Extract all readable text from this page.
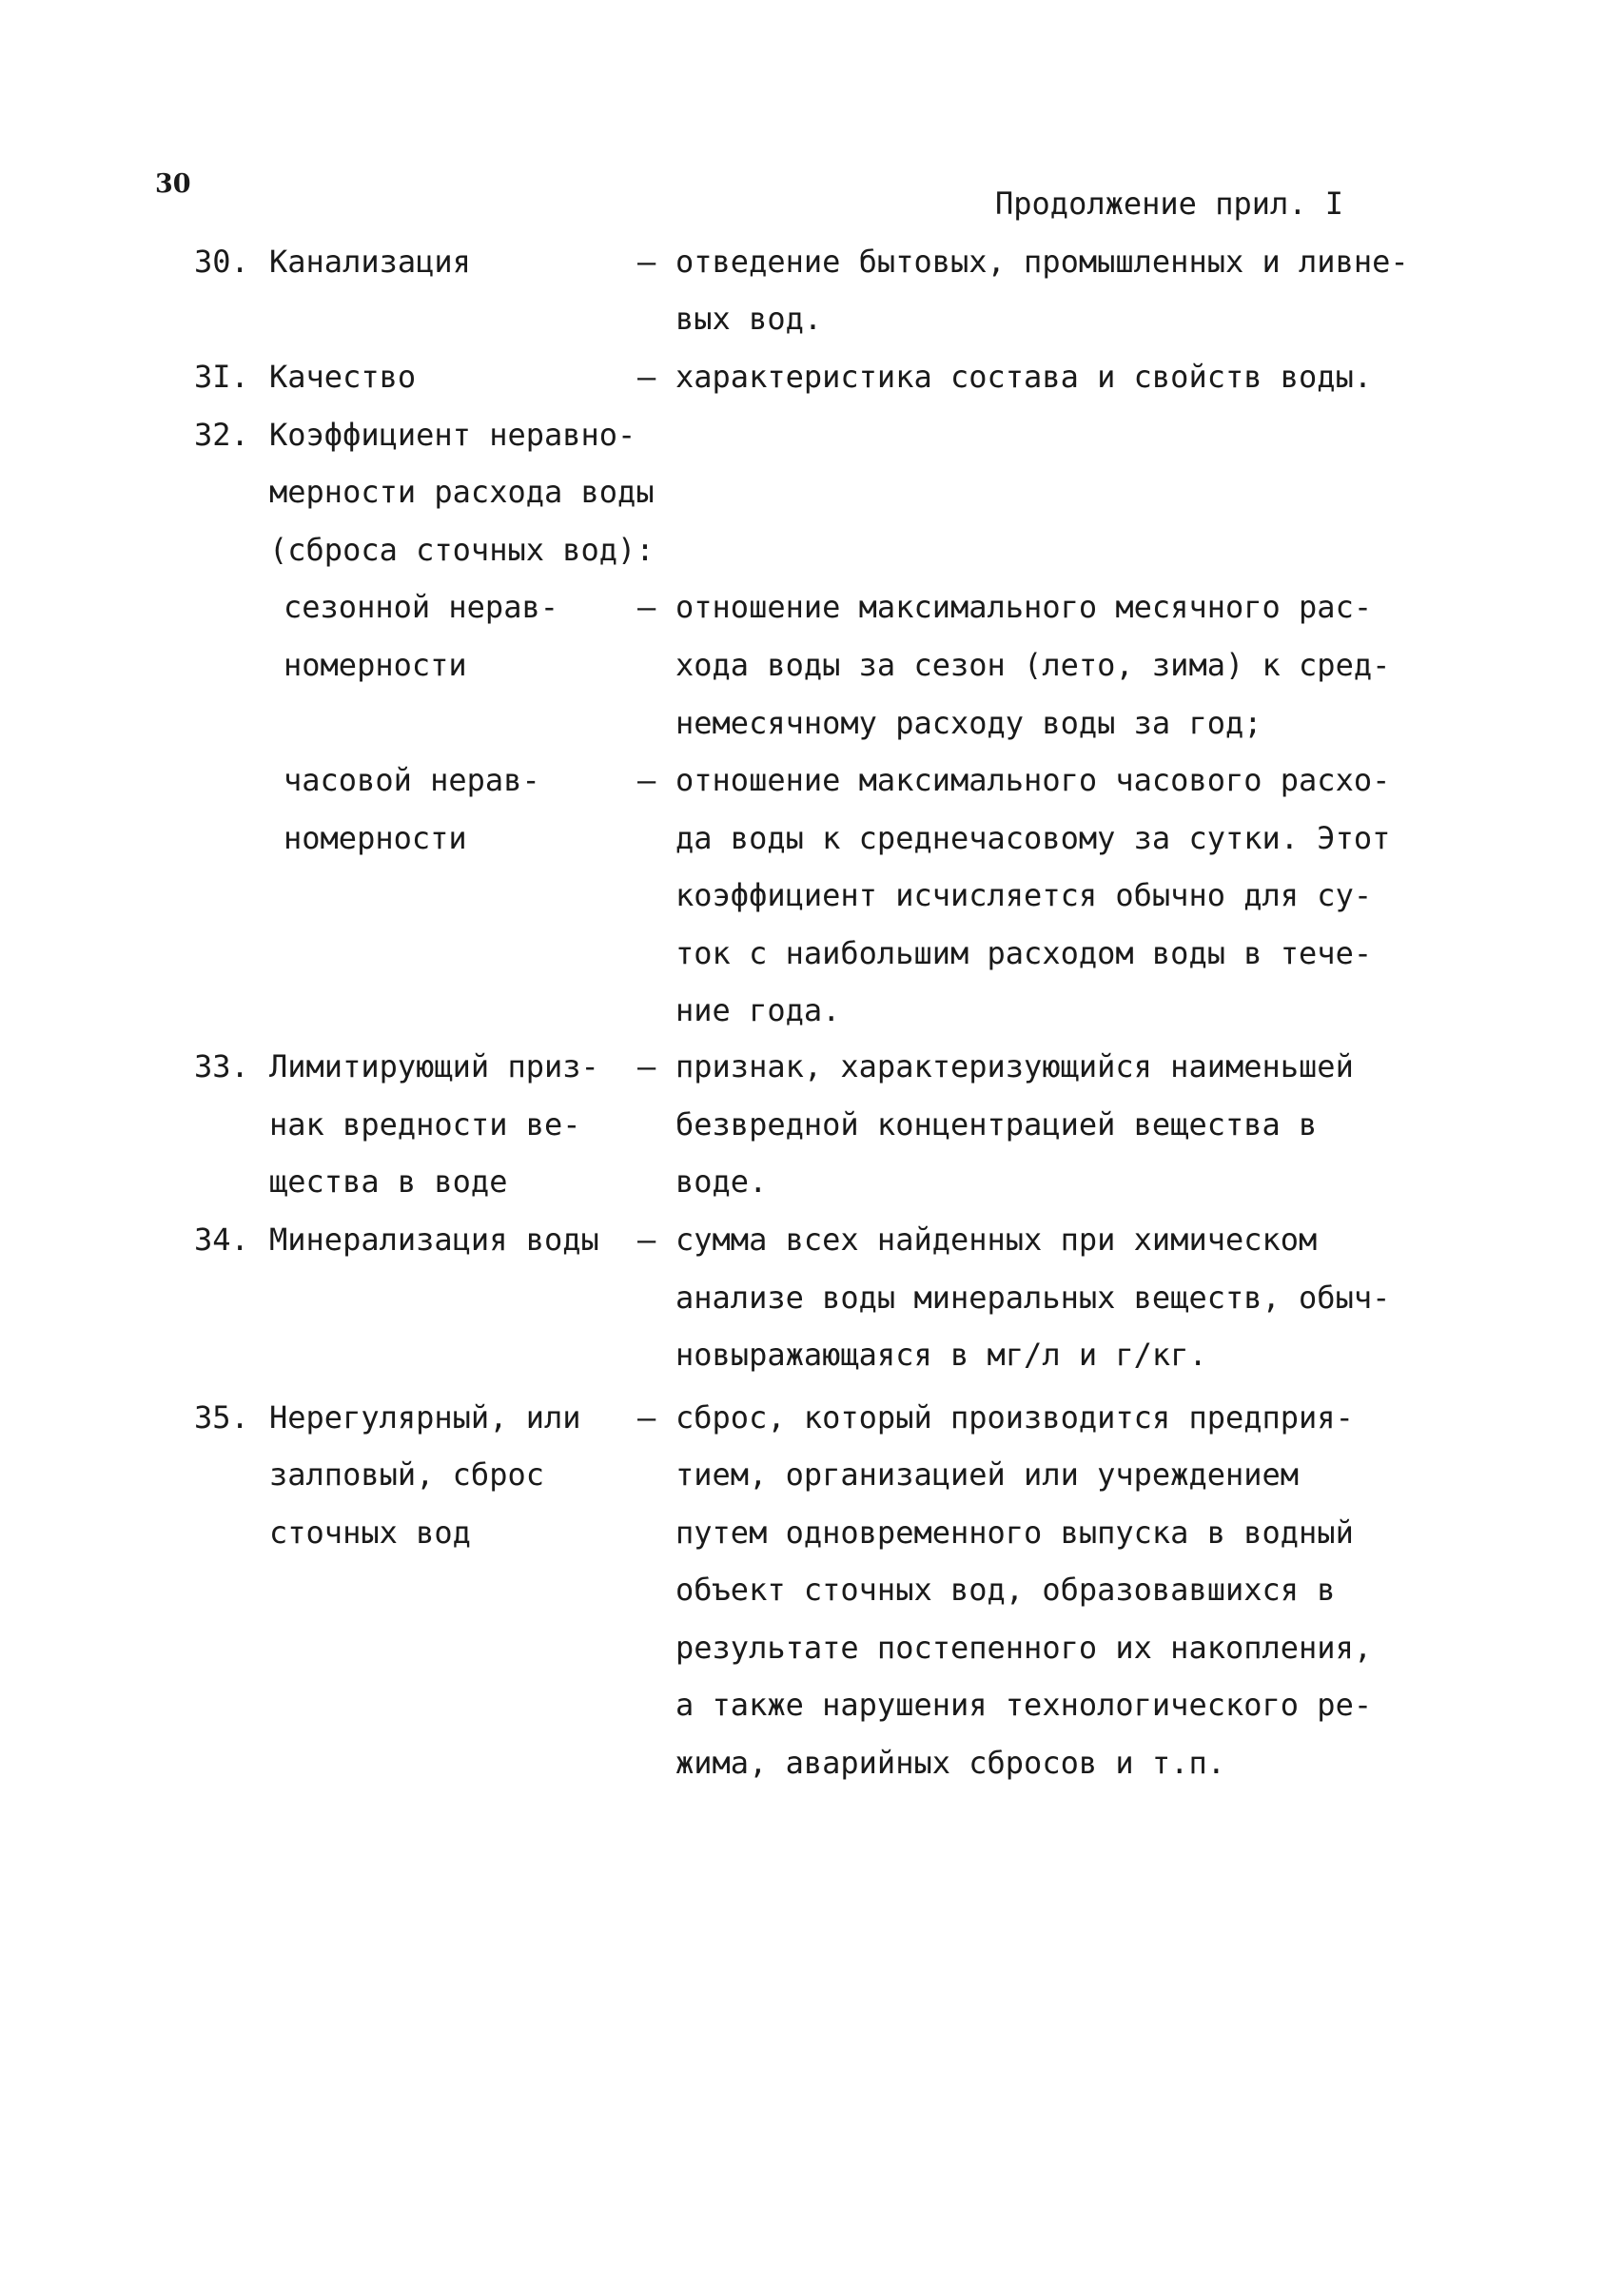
30
Продолжение прил. I
30. Канализация	– отведение бытовых, промышленных и ливне-
вых вод.
3I. Качество	– характеристика состава и свойств воды.
32. Коэффициент неравно-
мерности расхода воды
(сброса сточных вод):
сезонной нерав-
номерности
– отношение максимального месячного рас-
хода воды за сезон (лето, зима) к сред-
немесячному расходу воды за год;
часовой нерав-
номерности
– отношение максимального часового расхо-
да воды к среднечасовому за сутки. Этот
коэффициент исчисляется обычно для су-
ток с наибольшим расходом воды в тече-
ние года.
33. Лимитирующий приз-
нак вредности ве-
щества в воде
– признак, характеризующийся наименьшей
безвредной концентрацией вещества в
воде.
34. Минерализация воды – сумма всех найденных при химическом
анализе воды минеральных веществ, обыч-
новыражающаяся в мг/л и г/кг.
35. Нерегулярный, или
залповый, сброс
сточных вод
– сброс, который производится предприя-
тием, организацией или учреждением
путем одновременного выпуска в водный
объект сточных вод, образовавшихся в
результате постепенного их накопления,
а также нарушения технологического ре-
жима, аварийных сбросов и т.п.
